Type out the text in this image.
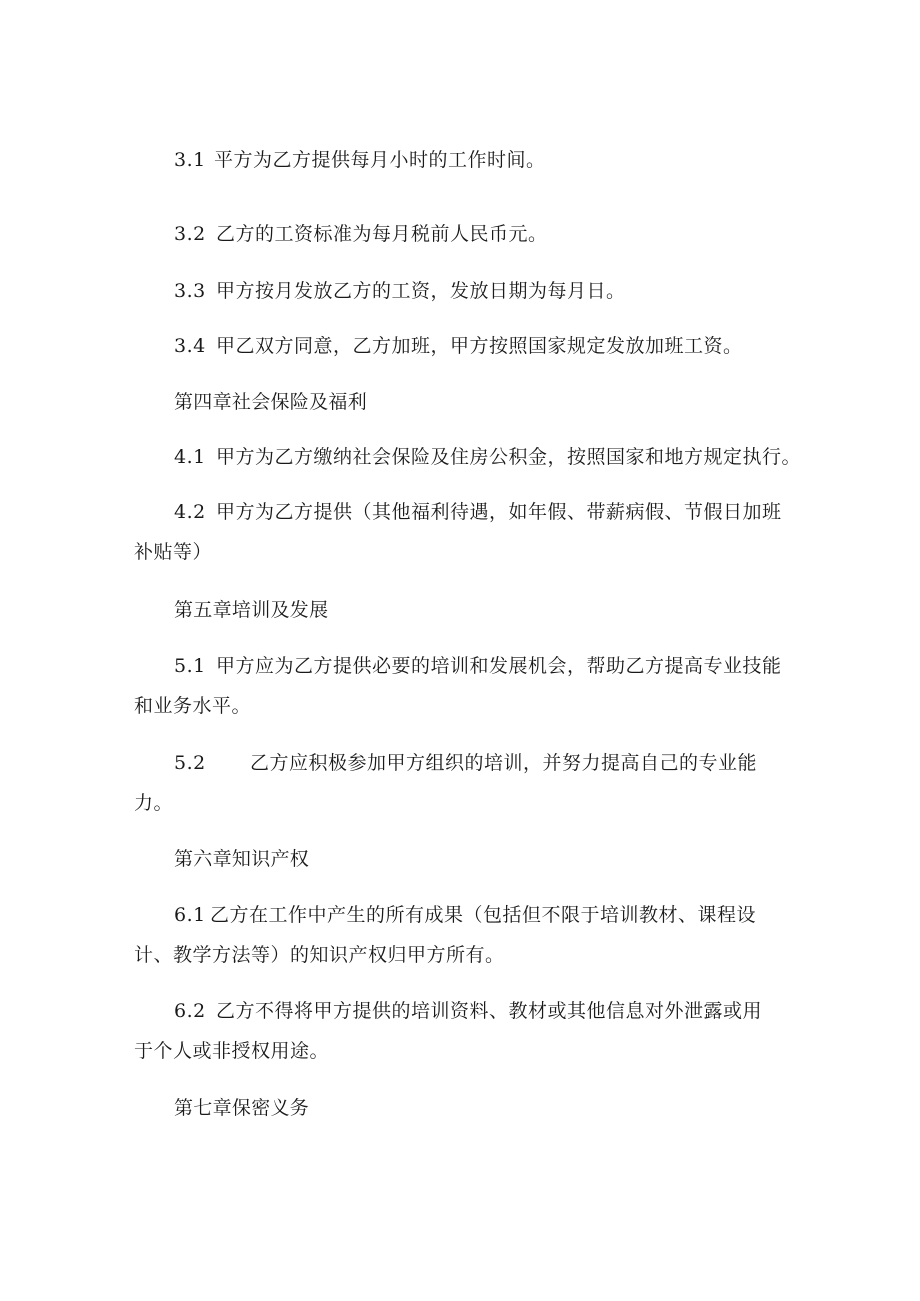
3.1 平方为乙方提供每月小时的工作时间。
3.2 乙方的工资标准为每月税前人民币元。
3.3 甲方按月发放乙方的工资，发放日期为每月日。
3.4 甲乙双方同意，乙方加班，甲方按照国家规定发放加班工资。
第四章社会保险及福利
4.1 甲方为乙方缴纳社会保险及住房公积金，按照国家和地方规定执行。
4.2 甲方为乙方提供（其他福利待遇，如年假、带薪病假、节假日加班
补贴等）
第五章培训及发展
5.1 甲方应为乙方提供必要的培训和发展机会，帮助乙方提高专业技能
和业务水平。
5.2 乙方应积极参加甲方组织的培训，并努力提高自己的专业能
力。
第六章知识产权
6.1 乙方在工作中产生的所有成果（包括但不限于培训教材、课程设
计、教学方法等）的知识产权归甲方所有。
6.2 乙方不得将甲方提供的培训资料、教材或其他信息对外泄露或用
于个人或非授权用途。
第七章保密义务
